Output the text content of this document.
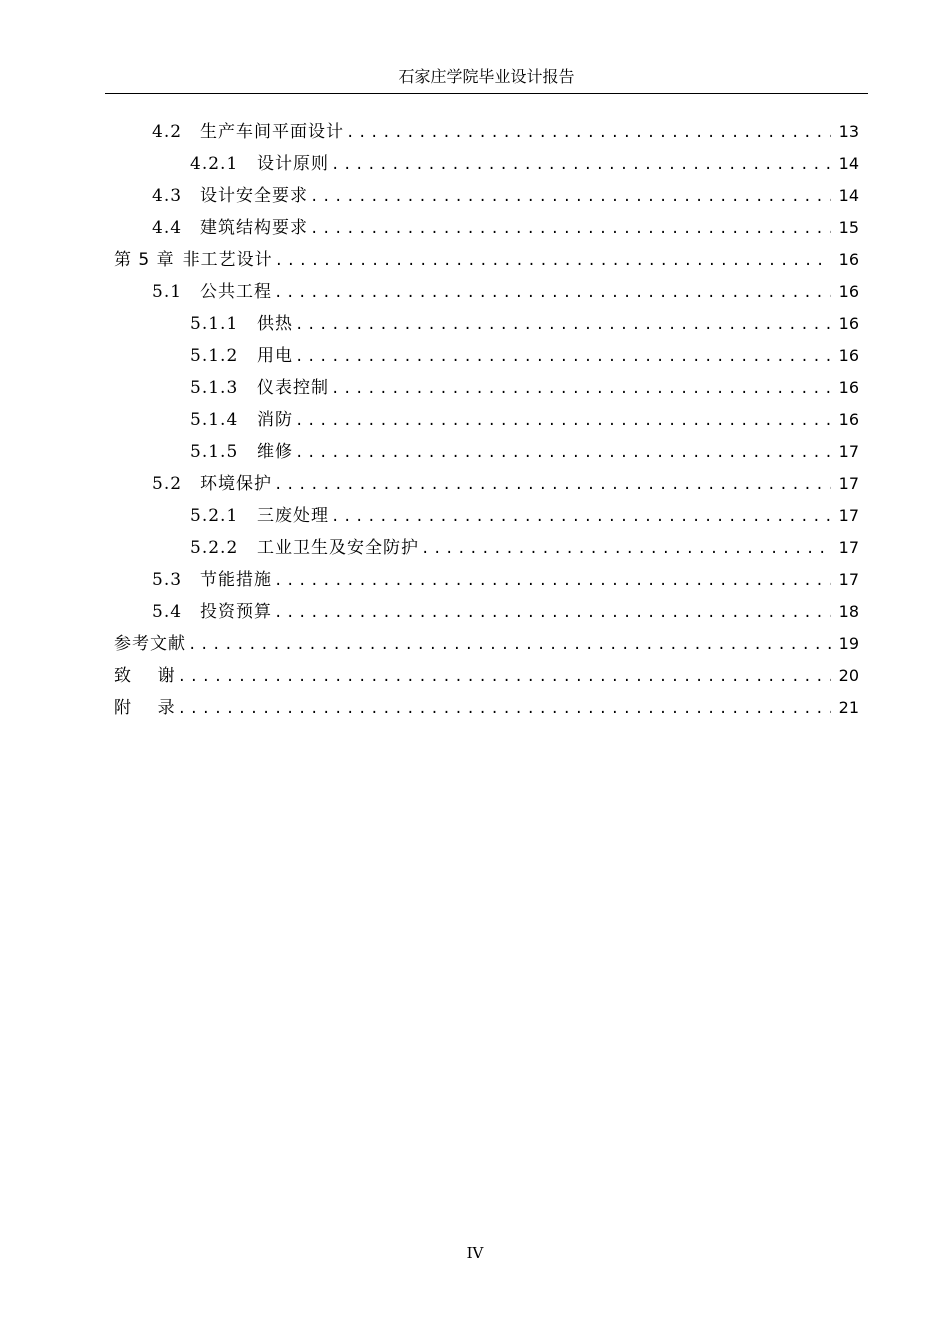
石家庄学院毕业设计报告
4.2	生产车间平面设计 .....	13
4.2.1	设计原则 .....	14
4.3	设计安全要求 .....	14
4.4	建筑结构要求 .....	15
第 5 章 非工艺设计 .....	16
5.1	公共工程 .....	16
5.1.1	供热 .....	16
5.1.2	用电 .....	16
5.1.3	仪表控制 .....	16
5.1.4	消防 .....	16
5.1.5	维修 .....	17
5.2	环境保护 .....	17
5.2.1	三废处理 .....	17
5.2.2	工业卫生及安全防护 .....	17
5.3	节能措施 .....	17
5.4	投资预算 .....	18
参考文献 .....	19
致    谢 .....	20
附    录 .....	21
IV
